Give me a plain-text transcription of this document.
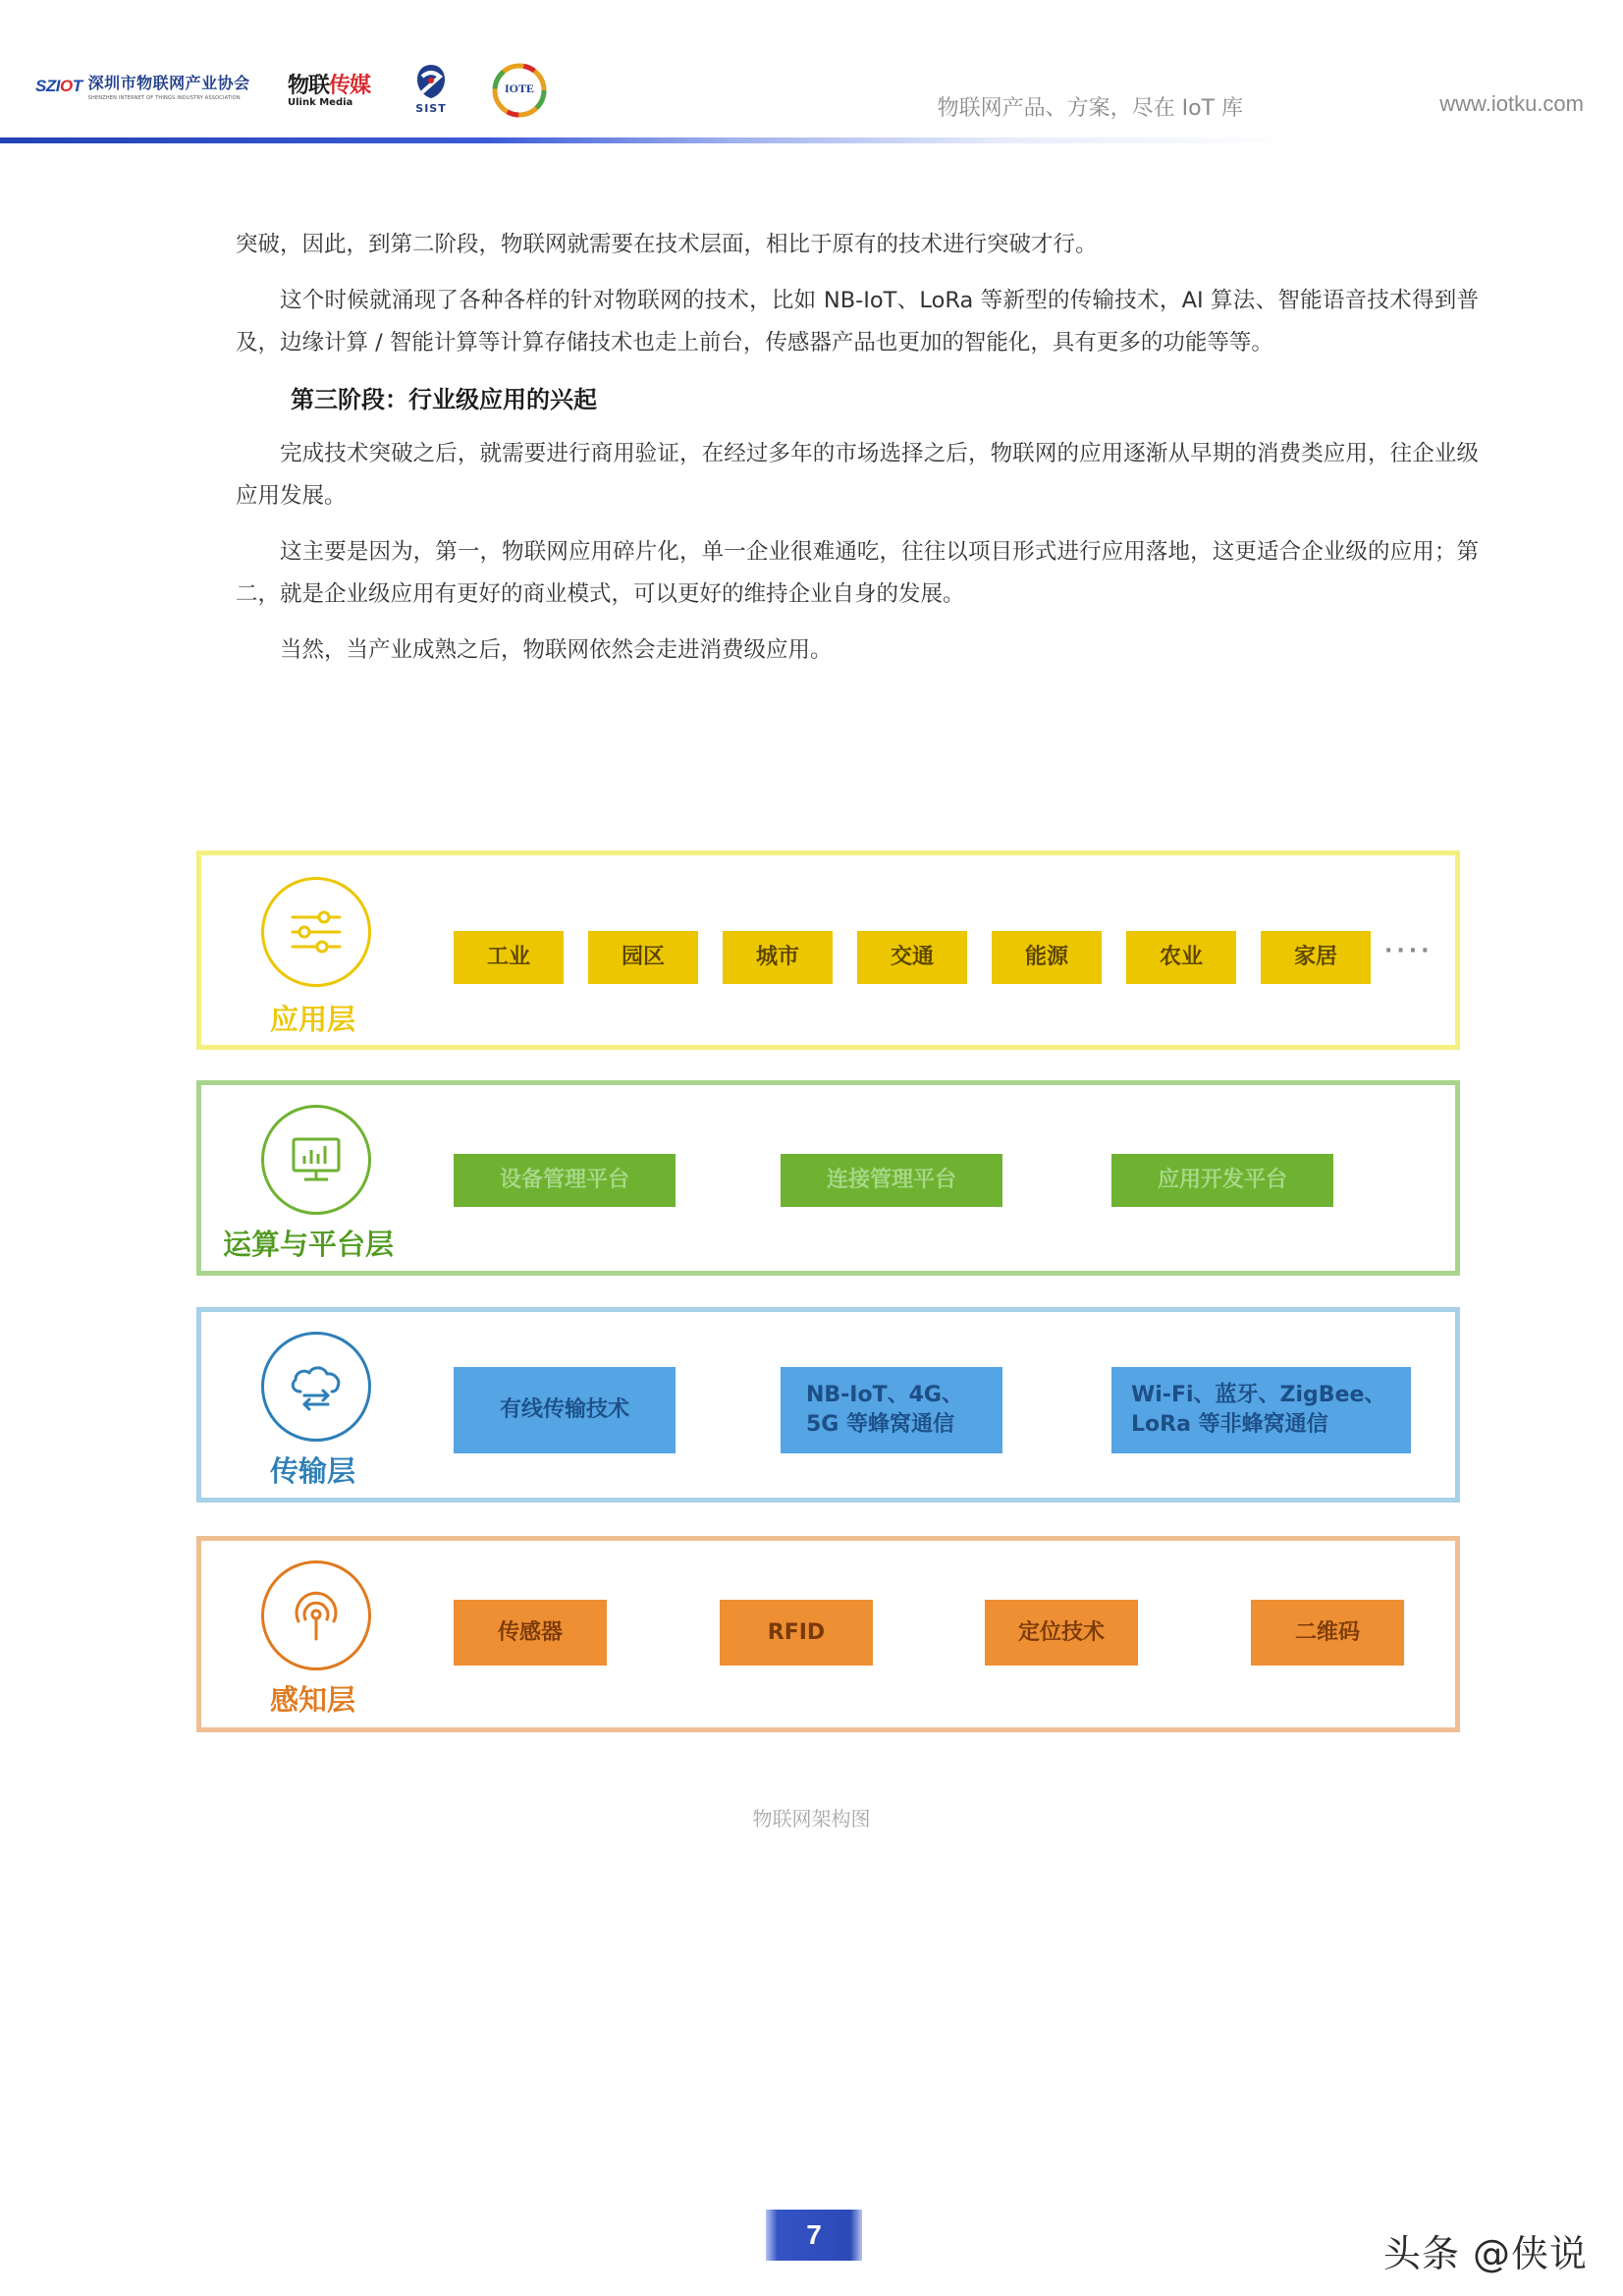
SZIOT 深圳市物联网产业协会
SHENZHEN INTERNET OF THINGS INDUSTRY ASSOCIATION	物联传媒
Ulink Media	SIST
IOTE
物联网产品、方案，尽在 IoT 库	www.iotku.com

突破，因此，到第二阶段，物联网就需要在技术层面，相比于原有的技术进行突破才行。

这个时候就涌现了各种各样的针对物联网的技术，比如 NB-IoT、LoRa 等新型的传输技术，AI 算法、智能语音技术得到普及，边缘计算 / 智能计算等计算存储技术也走上前台，传感器产品也更加的智能化，具有更多的功能等等。

第三阶段：行业级应用的兴起

完成技术突破之后，就需要进行商用验证，在经过多年的市场选择之后，物联网的应用逐渐从早期的消费类应用，往企业级应用发展。

这主要是因为，第一，物联网应用碎片化，单一企业很难通吃，往往以项目形式进行应用落地，这更适合企业级的应用；第二，就是企业级应用有更好的商业模式，可以更好的维持企业自身的发展。

当然，当产业成熟之后，物联网依然会走进消费级应用。

应用层
工业	园区	城市	交通	能源	农业	家居	····
运算与平台层
设备管理平台	连接管理平台	应用开发平台
传输层
有线传输技术
NB-IoT、4G、
5G 等蜂窝通信
Wi-Fi、蓝牙、ZigBee、
LoRa 等非蜂窝通信
感知层
传感器	RFID	定位技术	二维码
物联网架构图
7	头条 @侠说
